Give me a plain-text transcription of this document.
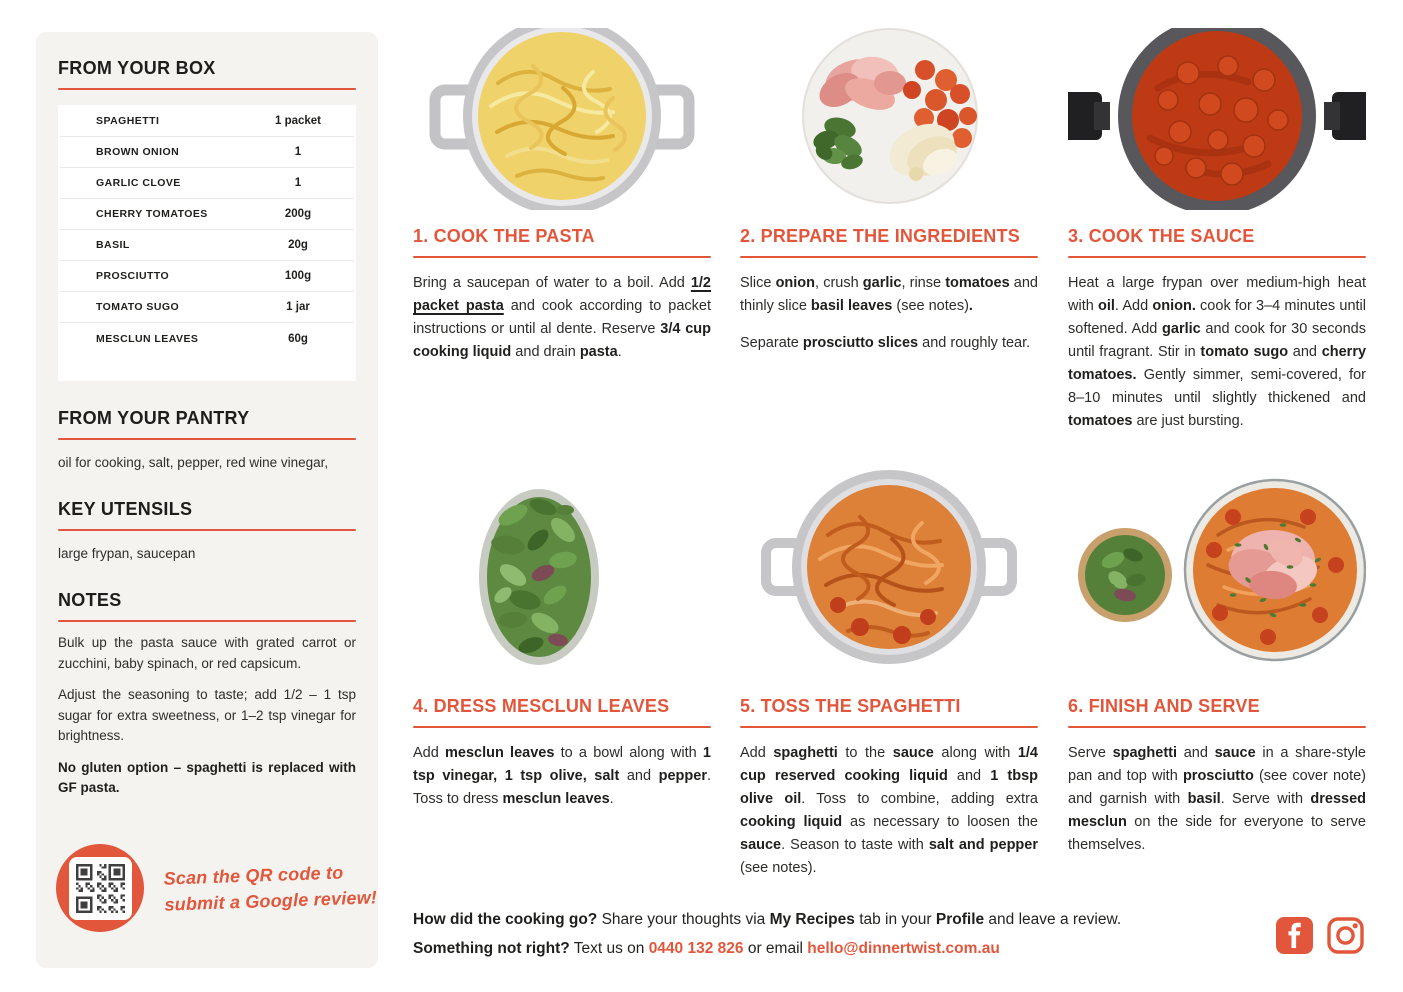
FROM YOUR BOX
SPAGHETTI	1 packet
BROWN ONION	1
GARLIC CLOVE	1
CHERRY TOMATOES	200g
BASIL	20g
PROSCIUTTO	100g
TOMATO SUGO	1 jar
MESCLUN LEAVES	60g
FROM YOUR PANTRY

oil for cooking, salt, pepper, red wine vinegar,

KEY UTENSILS

large frypan, saucepan

NOTES

Bulk up the pasta sauce with grated carrot or zucchini, baby spinach, or red capsicum.

Adjust the seasoning to taste; add 1/2 – 1 tsp sugar for extra sweetness, or 1–2 tsp vinegar for brightness.

No gluten option – spaghetti is replaced with GF pasta.

Scan the QR code to
submit a Google review!
1. COOK THE PASTA

Bring a saucepan of water to a boil. Add 1/2 packet pasta and cook according to packet instructions or until al dente. Reserve 3/4 cup cooking liquid and drain pasta.

2. PREPARE THE INGREDIENTS

Slice onion, crush garlic, rinse tomatoes and thinly slice basil leaves (see notes).

Separate prosciutto slices and roughly tear.

3. COOK THE SAUCE

Heat a large frypan over medium-high heat with oil. Add onion. cook for 3–4 minutes until softened. Add garlic and cook for 30 seconds until fragrant. Stir in tomato sugo and cherry tomatoes. Gently simmer, semi-covered, for 8–10 minutes until slightly thickened and tomatoes are just bursting.

4. DRESS MESCLUN LEAVES

Add mesclun leaves to a bowl along with 1 tsp vinegar, 1 tsp olive, salt and pepper. Toss to dress mesclun leaves.

5. TOSS THE SPAGHETTI

Add spaghetti to the sauce along with 1/4 cup reserved cooking liquid and 1 tbsp olive oil. Toss to combine, adding extra cooking liquid as necessary to loosen the sauce. Season to taste with salt and pepper (see notes).

6. FINISH AND SERVE

Serve spaghetti and sauce in a share-style pan and top with prosciutto (see cover note) and garnish with basil. Serve with dressed mesclun on the side for everyone to serve themselves.

How did the cooking go? Share your thoughts via My Recipes tab in your Profile and leave a review.

Something not right? Text us on 0440 132 826 or email hello@dinnertwist.com.au
